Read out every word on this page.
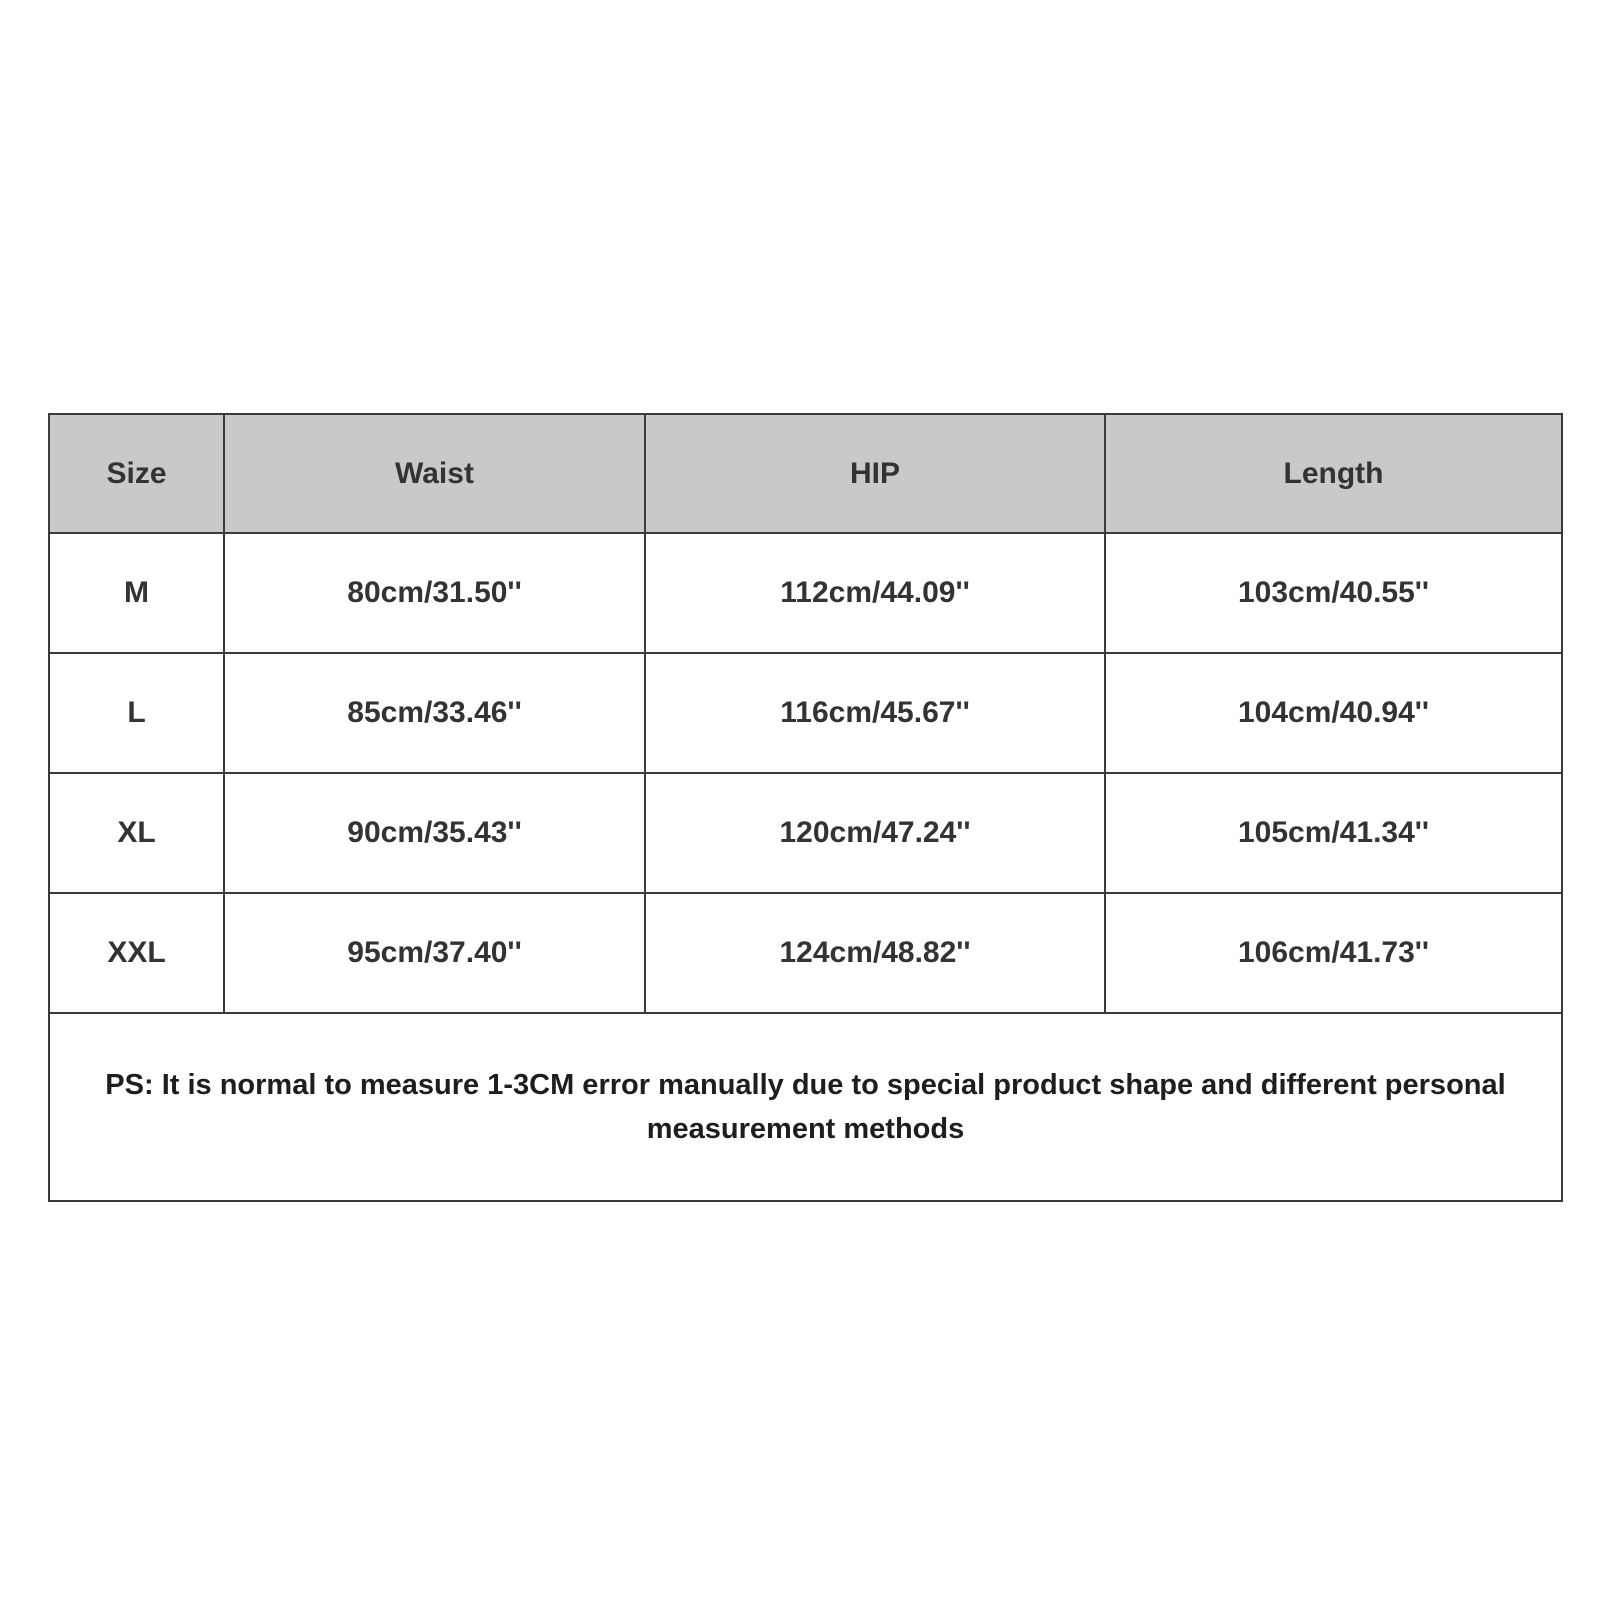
Size	Waist	HIP	Length
M	80cm/31.50''	112cm/44.09''	103cm/40.55''
L	85cm/33.46''	116cm/45.67''	104cm/40.94''
XL	90cm/35.43''	120cm/47.24''	105cm/41.34''
XXL	95cm/37.40''	124cm/48.82''	106cm/41.73''
PS: It is normal to measure 1-3CM error manually due to special product shape and different personal measurement methods			
